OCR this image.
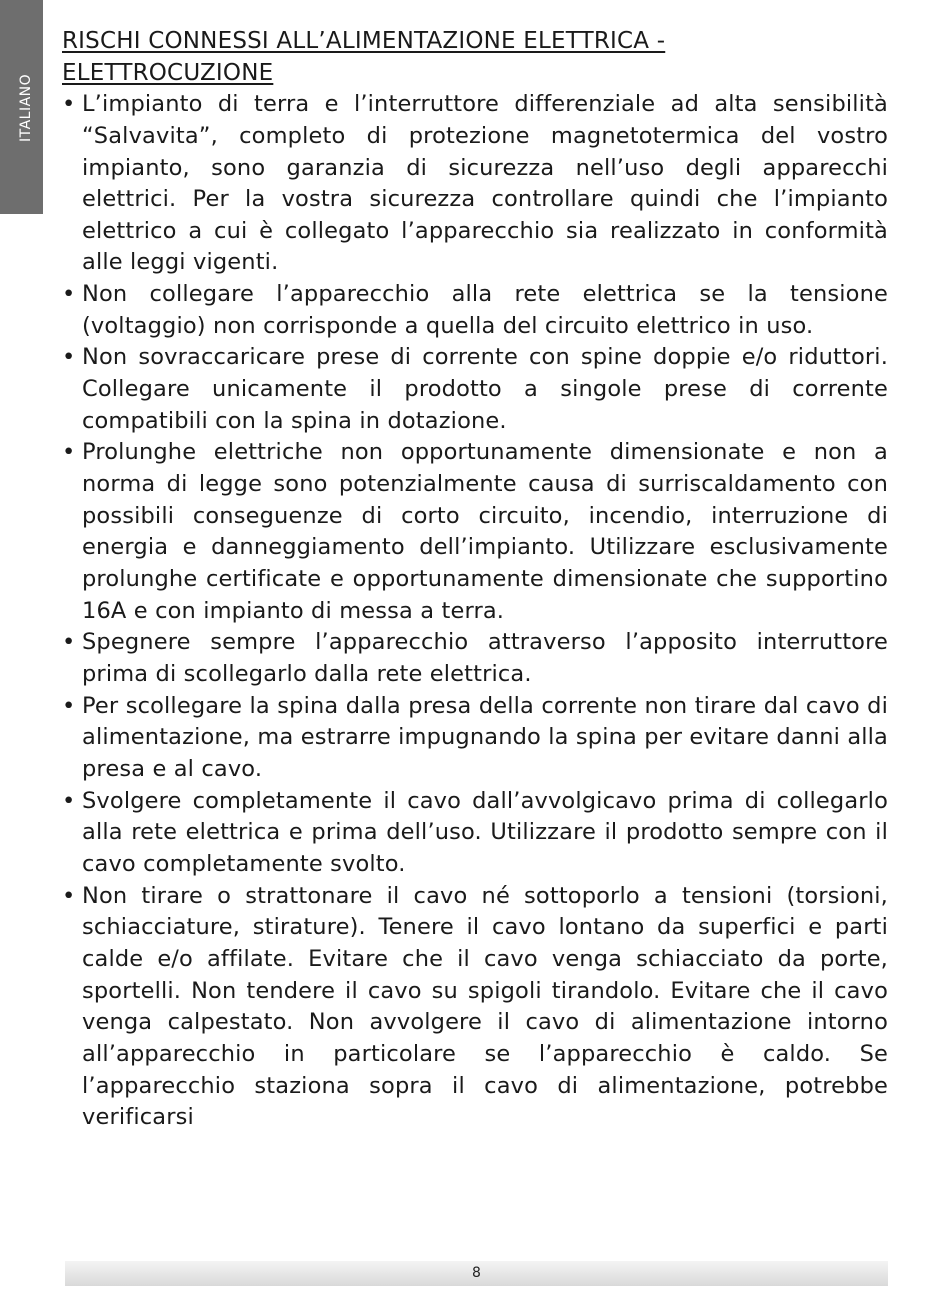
ITALIANO
RISCHI CONNESSI ALL’ALIMENTAZIONE ELETTRICA - ELETTROCUZIONE
• L’impianto di terra e l’interruttore differenziale ad alta sensibilità “Salvavita”, completo di protezione magnetotermica del vostro impianto, sono garanzia di sicurezza nell’uso degli apparecchi elettrici. Per la vostra sicurezza controllare quindi che l’impianto elettrico a cui è collegato l’apparecchio sia realizzato in conformità alle leggi vigenti.
• Non collegare l’apparecchio alla rete elettrica se la tensione (voltaggio) non corrisponde a quella del circuito elettrico in uso.
• Non sovraccaricare prese di corrente con spine doppie e/o riduttori. Collegare unicamente il prodotto a singole prese di corrente compatibili con la spina in dotazione.
• Prolunghe elettriche non opportunamente dimensionate e non a norma di legge sono potenzialmente causa di surriscaldamento con possibili conseguenze di corto circuito, incendio, interruzione di energia e danneggiamento dell’impianto. Utilizzare esclusivamente prolunghe certificate e opportunamente dimensionate che supportino 16A e con impianto di messa a terra.
• Spegnere sempre l’apparecchio attraverso l’apposito interruttore prima di scollegarlo dalla rete elettrica.
• Per scollegare la spina dalla presa della corrente non tirare dal cavo di alimentazione, ma estrarre impugnando la spina per evitare danni alla presa e al cavo.
• Svolgere completamente il cavo dall’avvolgicavo prima di collegarlo alla rete elettrica e prima dell’uso. Utilizzare il prodotto sempre con il cavo completamente svolto.
• Non tirare o strattonare il cavo né sottoporlo a tensioni (torsioni, schiacciature, stirature). Tenere il cavo lontano da superfici e parti calde e/o affilate. Evitare che il cavo venga schiacciato da porte, sportelli. Non tendere il cavo su spigoli tirandolo. Evitare che il cavo venga calpestato. Non avvolgere il cavo di alimentazione intorno all’apparecchio in particolare se l’apparecchio è caldo. Se l’apparecchio staziona sopra il cavo di alimentazione, potrebbe verificarsi
8
